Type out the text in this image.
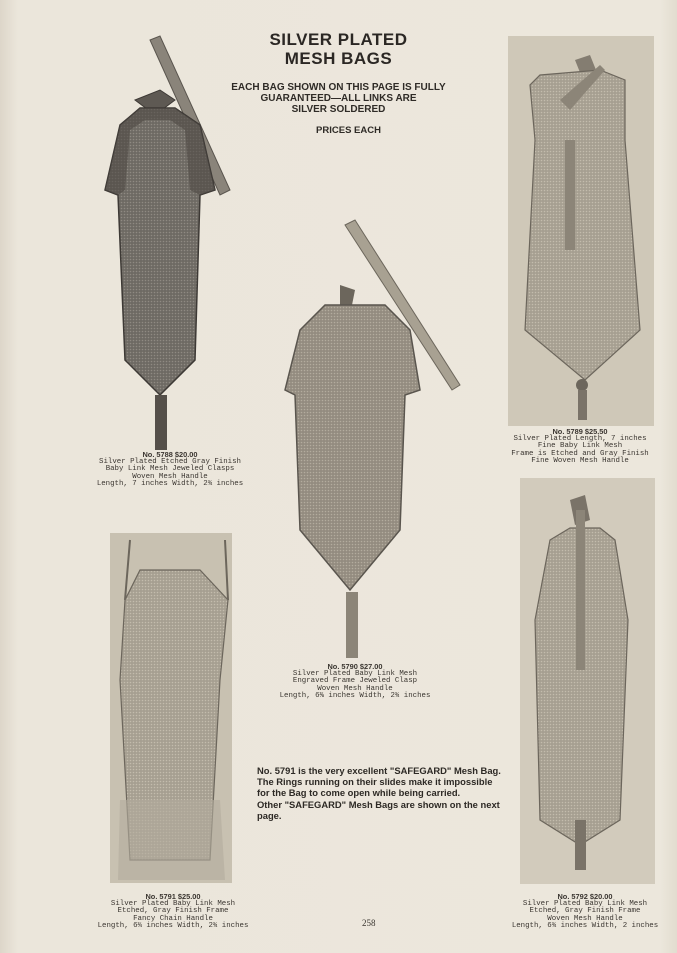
SILVER PLATED
MESH BAGS
EACH BAG SHOWN ON THIS PAGE IS FULLY
GUARANTEED—ALL LINKS ARE
SILVER SOLDERED
PRICES EACH
No. 5788 $20.00
Silver Plated Etched Gray Finish
Baby Link Mesh Jeweled Clasps
Woven Mesh Handle
Length, 7 inches Width, 2¾ inches
No. 5789 $25.50
Silver Plated Length, 7 inches
Fine Baby Link Mesh
Frame is Etched and Gray Finish
Fine Woven Mesh Handle
No. 5790 $27.00
Silver Plated Baby Link Mesh
Engraved Frame Jeweled Clasp
Woven Mesh Handle
Length, 6⅜ inches Width, 2¾ inches
No. 5791 $25.00
Silver Plated Baby Link Mesh
Etched, Gray Finish Frame
Fancy Chain Handle
Length, 6¾ inches Width, 2¾ inches
No. 5792 $20.00
Silver Plated Baby Link Mesh
Etched, Gray Finish Frame
Woven Mesh Handle
Length, 6¾ inches Width, 2 inches

No. 5791 is the very excellent "SAFEGARD" Mesh Bag. The Rings running on their slides make it impossible for the Bag to come open while being carried.

Other "SAFEGARD" Mesh Bags are shown on the next page.

258
